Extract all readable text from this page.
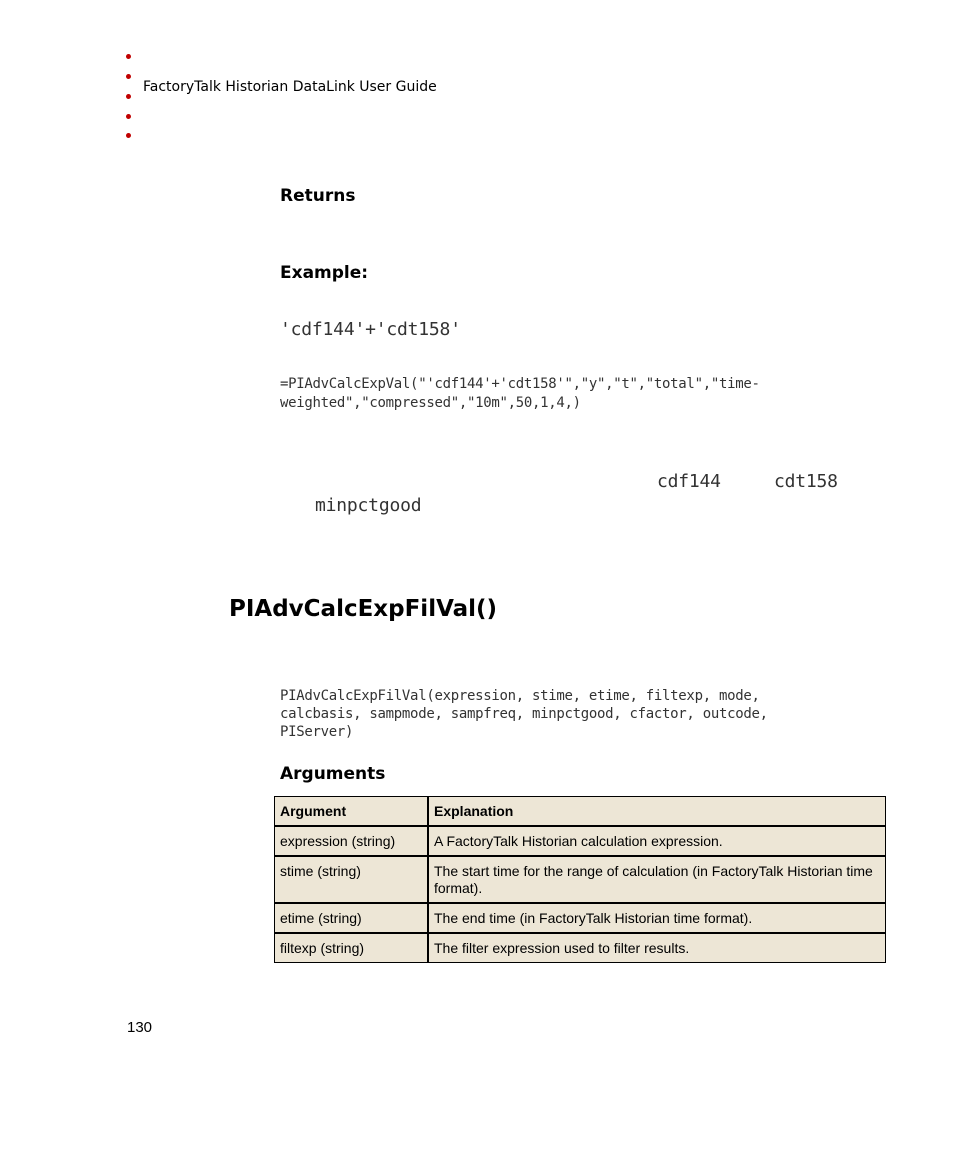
FactoryTalk Historian DataLink User Guide
Returns
Example:
'cdf144'+'cdt158'
=PIAdvCalcExpVal("'cdf144'+'cdt158'","y","t","total","time-
weighted","compressed","10m",50,1,4,)
cdf144	cdt158
minpctgood
PIAdvCalcExpFilVal()
PIAdvCalcExpFilVal(expression, stime, etime, filtexp, mode,
calcbasis, sampmode, sampfreq, minpctgood, cfactor, outcode,
PIServer)
Arguments
Argument	Explanation
expression (string)	A FactoryTalk Historian calculation expression.
stime (string)	The start time for the range of calculation (in FactoryTalk Historian time format).
etime (string)	The end time (in FactoryTalk Historian time format).
filtexp (string)	The filter expression used to filter results.
130
